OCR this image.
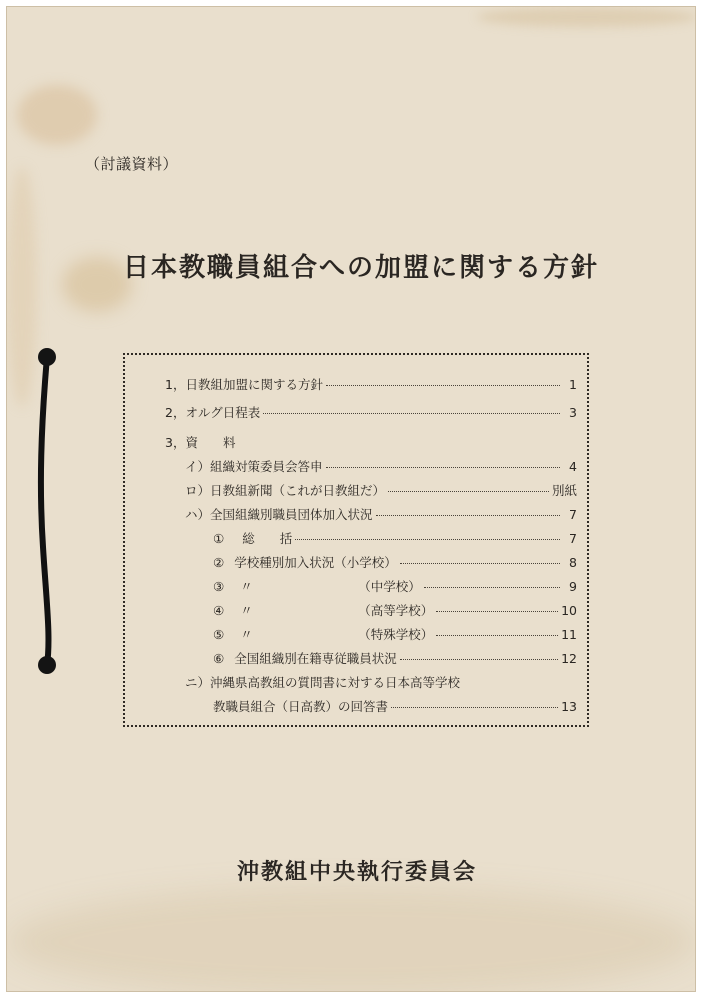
（討議資料）
日本教職員組合への加盟に関する方針
1， 日教組加盟に関する方針	1
2， オルグ日程表	3
3， 資　　料
イ） 組織対策委員会答申	4
ロ） 日教組新聞（これが日教組だ）	別紙
ハ） 全国組織別職員団体加入状況	7
① 総　　括	7
② 学校種別加入状況 （小学校）	8
③ 〃	（中学校）	9
④ 〃	（高等学校）	10
⑤ 〃	（特殊学校）	11
⑥ 全国組織別在籍専従職員状況	12
ニ） 沖縄県高教組の質問書に対する日本高等学校
教職員組合（日高教）の回答書	13
沖教組中央執行委員会
